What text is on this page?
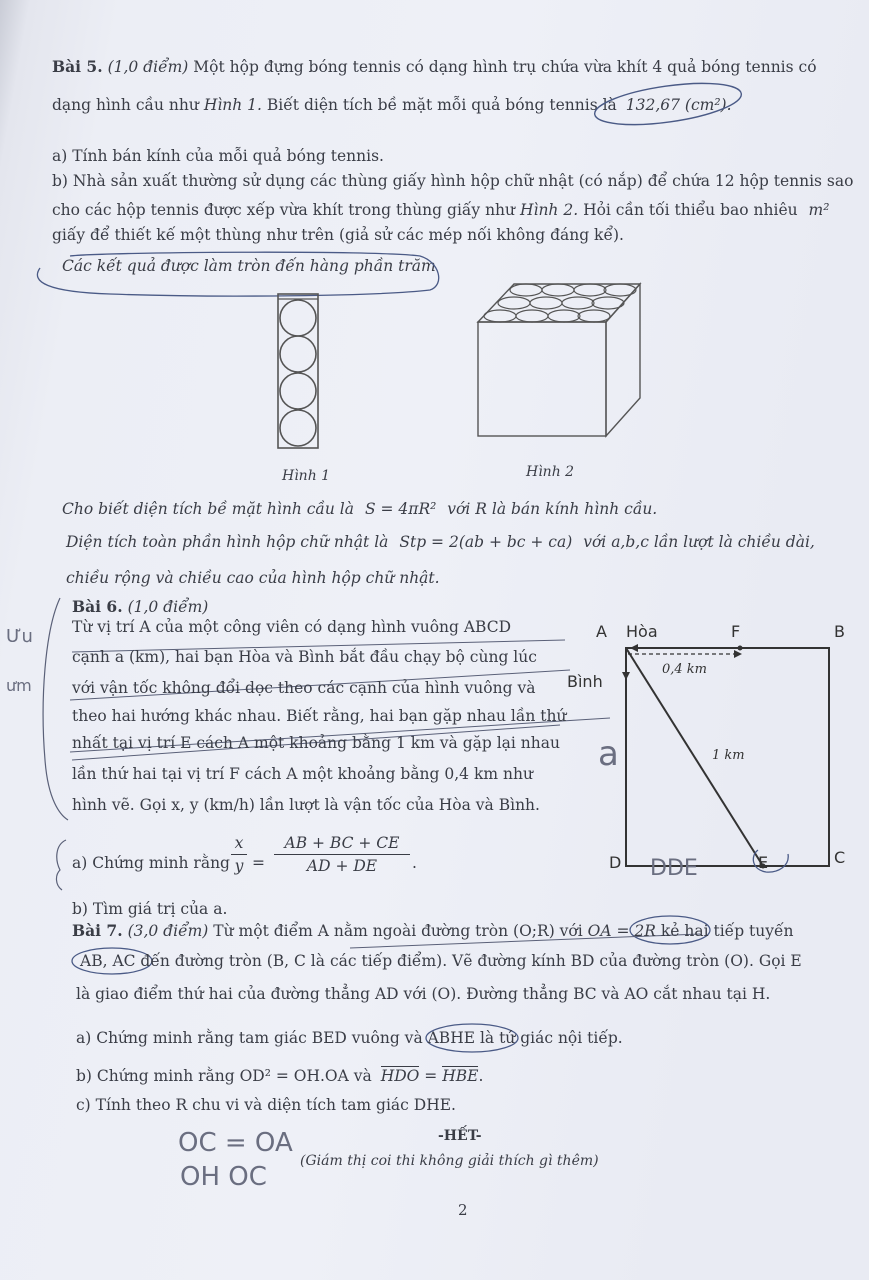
Bài 5. (1,0 điểm) Một hộp đựng bóng tennis có dạng hình trụ chứa vừa khít 4 quả bóng tennis có
dạng hình cầu như Hình 1. Biết diện tích bề mặt mỗi quả bóng tennis là 132,67 (cm²).
a) Tính bán kính của mỗi quả bóng tennis.
b) Nhà sản xuất thường sử dụng các thùng giấy hình hộp chữ nhật (có nắp) để chứa 12 hộp tennis sao
cho các hộp tennis được xếp vừa khít trong thùng giấy như Hình 2. Hỏi cần tối thiểu bao nhiêu m²
giấy để thiết kế một thùng như trên (giả sử các mép nối không đáng kể).
Các kết quả được làm tròn đến hàng phần trăm
Hình 1	Hình 2
Cho biết diện tích bề mặt hình cầu là S = 4πR² với R là bán kính hình cầu.
Diện tích toàn phần hình hộp chữ nhật là Stp = 2(ab + bc + ca) với a,b,c lần lượt là chiều dài,
chiều rộng và chiều cao của hình hộp chữ nhật.
Bài 6. (1,0 điểm)
Từ vị trí A của một công viên có dạng hình vuông ABCD
cạnh a (km), hai bạn Hòa và Bình bắt đầu chạy bộ cùng lúc
với vận tốc không đổi dọc theo các cạnh của hình vuông và
theo hai hướng khác nhau. Biết rằng, hai bạn gặp nhau lần thứ
nhất tại vị trí E cách A một khoảng bằng 1 km và gặp lại nhau
lần thứ hai tại vị trí F cách A một khoảng bằng 0,4 km như
hình vẽ. Gọi x, y (km/h) lần lượt là vận tốc của Hòa và Bình.
a) Chứng minh rằng
x
y =
AB + BC + CE
AD + DE	.
b) Tìm giá trị của a.
A Hòa	F	B
Bình
0,4 km
1 km
D	E	C
Bài 7. (3,0 điểm) Từ một điểm A nằm ngoài đường tròn (O;R) với OA = 2R kẻ hai tiếp tuyến
AB, AC đến đường tròn (B, C là các tiếp điểm). Vẽ đường kính BD của đường tròn (O). Gọi E
là giao điểm thứ hai của đường thẳng AD với (O). Đường thẳng BC và AO cắt nhau tại H.
a) Chứng minh rằng tam giác BED vuông và ABHE là tứ giác nội tiếp.
b) Chứng minh rằng OD² = OH.OA và HDO = HBE.
c) Tính theo R chu vi và diện tích tam giác DHE.
-HẾT-
(Giám thị coi thi không giải thích gì thêm)
2
OC = OA
OH OC
a
DDE
Ưu
ưm
